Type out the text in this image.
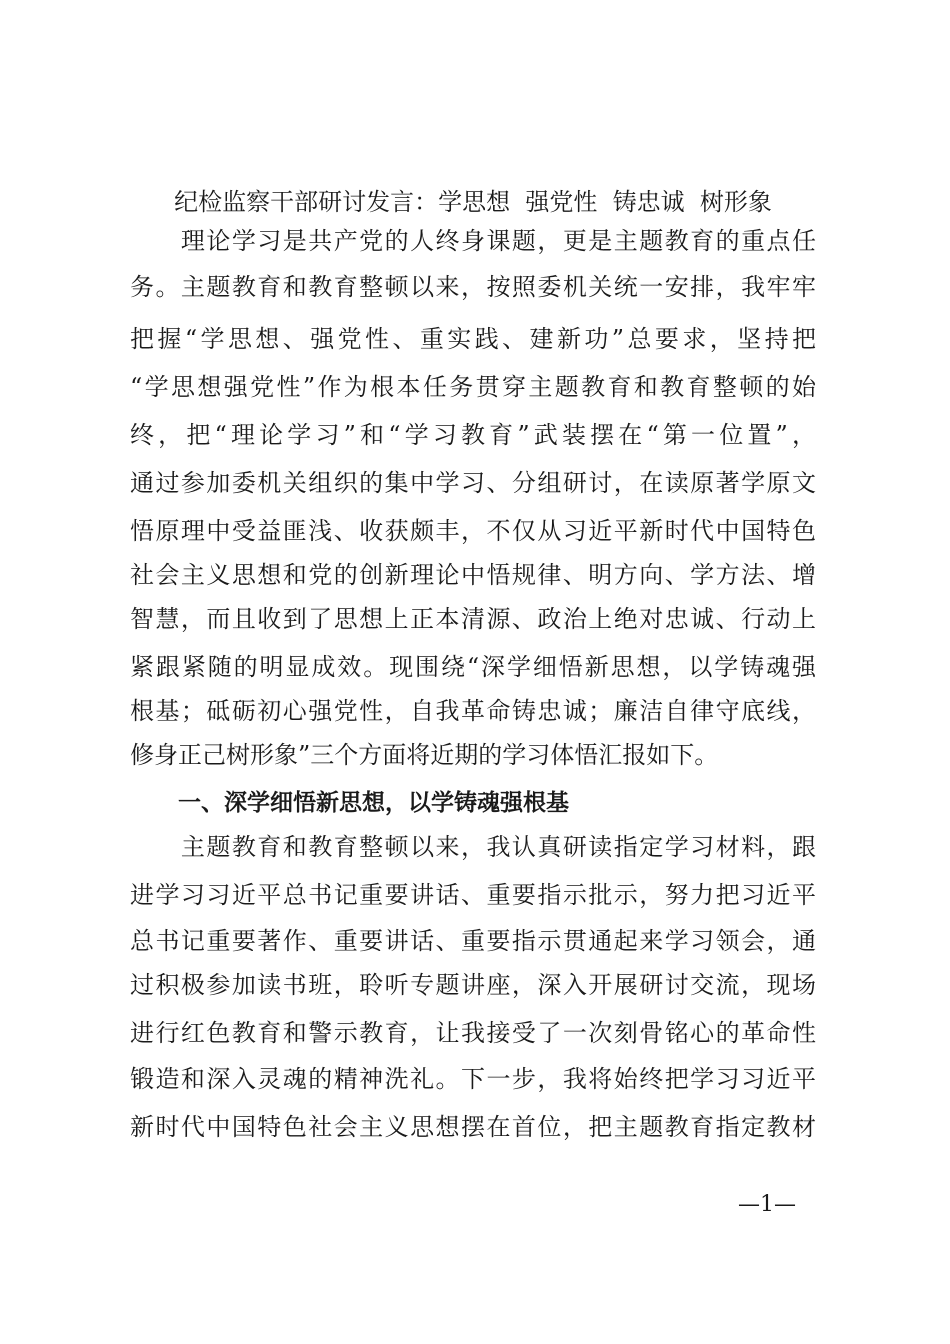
纪检监察干部研讨发言：学思想  强党性  铸忠诚  树形象
　　理论学习是共产党的人终身课题，更是主题教育的重点任
务。主题教育和教育整顿以来，按照委机关统一安排，我牢牢
把握“学思想、强党性、重实践、建新功”总要求，坚持把
“学思想强党性”作为根本任务贯穿主题教育和教育整顿的始
终，把“理论学习”和“学习教育”武装摆在“第一位置”，
通过参加委机关组织的集中学习、分组研讨，在读原著学原文
悟原理中受益匪浅、收获颇丰，不仅从习近平新时代中国特色
社会主义思想和党的创新理论中悟规律、明方向、学方法、增
智慧，而且收到了思想上正本清源、政治上绝对忠诚、行动上
紧跟紧随的明显成效。现围绕“深学细悟新思想，以学铸魂强
根基；砥砺初心强党性，自我革命铸忠诚；廉洁自律守底线，
修身正己树形象”三个方面将近期的学习体悟汇报如下。
一、深学细悟新思想，以学铸魂强根基
　　主题教育和教育整顿以来，我认真研读指定学习材料，跟
进学习习近平总书记重要讲话、重要指示批示，努力把习近平
总书记重要著作、重要讲话、重要指示贯通起来学习领会，通
过积极参加读书班，聆听专题讲座，深入开展研讨交流，现场
进行红色教育和警示教育，让我接受了一次刻骨铭心的革命性
锻造和深入灵魂的精神洗礼。下一步，我将始终把学习习近平
新时代中国特色社会主义思想摆在首位，把主题教育指定教材
—1—
